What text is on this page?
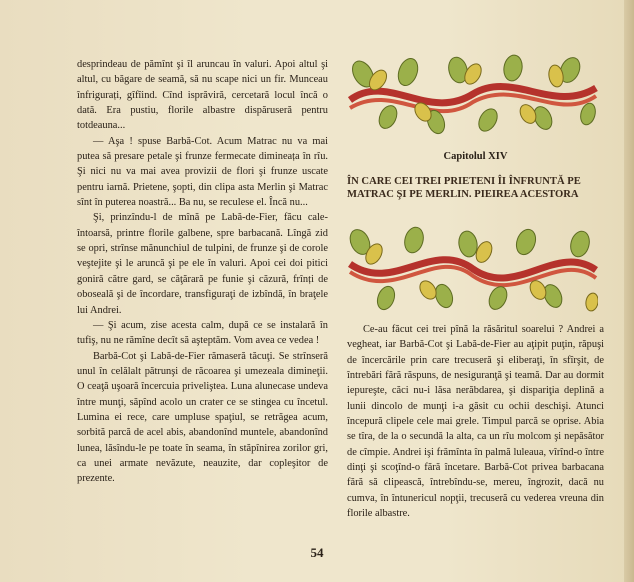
desprindeau de pămînt şi îl aruncau în valuri. Apoi altul şi altul, cu băgare de seamă, să nu scape nici un fir. Munceau înfrigurați, gîfîind. Cînd isprăviră, cercetară locul încă o dată. Era pustiu, florile albastre dispăruseră pentru totdeauna...

— Aşa ! spuse Barbă-Cot. Acum Matrac nu va mai putea să presare petale şi frunze fermecate dimineața în rîu. Şi nici nu va mai avea provizii de flori şi frunze uscate pentru iarnă. Prietene, şopti, din clipa asta Merlin şi Matrac sînt în puterea noastră... Ba nu, se reculese el. Încă nu...

Şi, prinzîndu-l de mînă pe Labă-de-Fier, făcu cale-întoarsă, printre florile galbene, spre barbacană. Lîngă zid se opri, strînse mănunchiul de tulpini, de frunze şi de corole veştejite şi le aruncă şi pe ele în valuri. Apoi cei doi pitici goniră către gard, se căţărară pe funie şi căzură, frînți de oboseală şi de încordare, transfiguraţi de izbîndă, în braţele lui Andrei.

— Şi acum, zise acesta calm, după ce se instalară în tufiş, nu ne rămîne decît să aşteptăm. Vom avea ce vedea !

Barbă-Cot şi Labă-de-Fier rămaseră tăcuţi. Se strînseră unul în celălalt pătrunşi de răcoarea şi umezeala dimineţii. O ceaţă uşoară încercuia priveliştea. Luna alunecase undeva între munţi, săpînd acolo un crater ce se stingea cu încetul. Lumina ei rece, care umpluse spaţiul, se retrăgea acum, sorbită parcă de acel abis, abandonînd muntele, abandonînd lunea, lăsîndu-le pe toate în seama, în stăpînirea zorilor gri, ca unei armate nevăzute, neauzite, dar copleşitor de prezente.

Capitolul XIV
ÎN CARE CEI TREI PRIETENI ÎI ÎNFRUNTĂ PE MATRAC ŞI PE MERLIN. PIEIREA ACESTORA

Ce-au făcut cei trei pînă la răsăritul soarelui ? Andrei a vegheat, iar Barbă-Cot şi Labă-de-Fier au aţipit puţin, răpuşi de încercările prin care trecuseră şi eliberaţi, în sfîrşit, de întrebări fără răspuns, de nesiguranţă şi teamă. Dar au dormit iepureşte, căci nu-i lăsa nerăbdarea, şi dispariţia deplină a lunii dincolo de munţi i-a găsit cu ochii deschişi. Atunci începură clipele cele mai grele. Timpul parcă se oprise. Abia se tîra, de la o secundă la alta, ca un rîu molcom şi nepăsător de cîmpie. Andrei işi frămînta în palmă luleaua, vîrînd-o între dinţi şi scoţînd-o fără încetare. Barbă-Cot privea barbacana fără să clipească, întrebîndu-se, mereu, îngrozit, dacă nu cumva, în întunericul nopţii, trecuseră cu vederea vreuna din florile albastre.

54
